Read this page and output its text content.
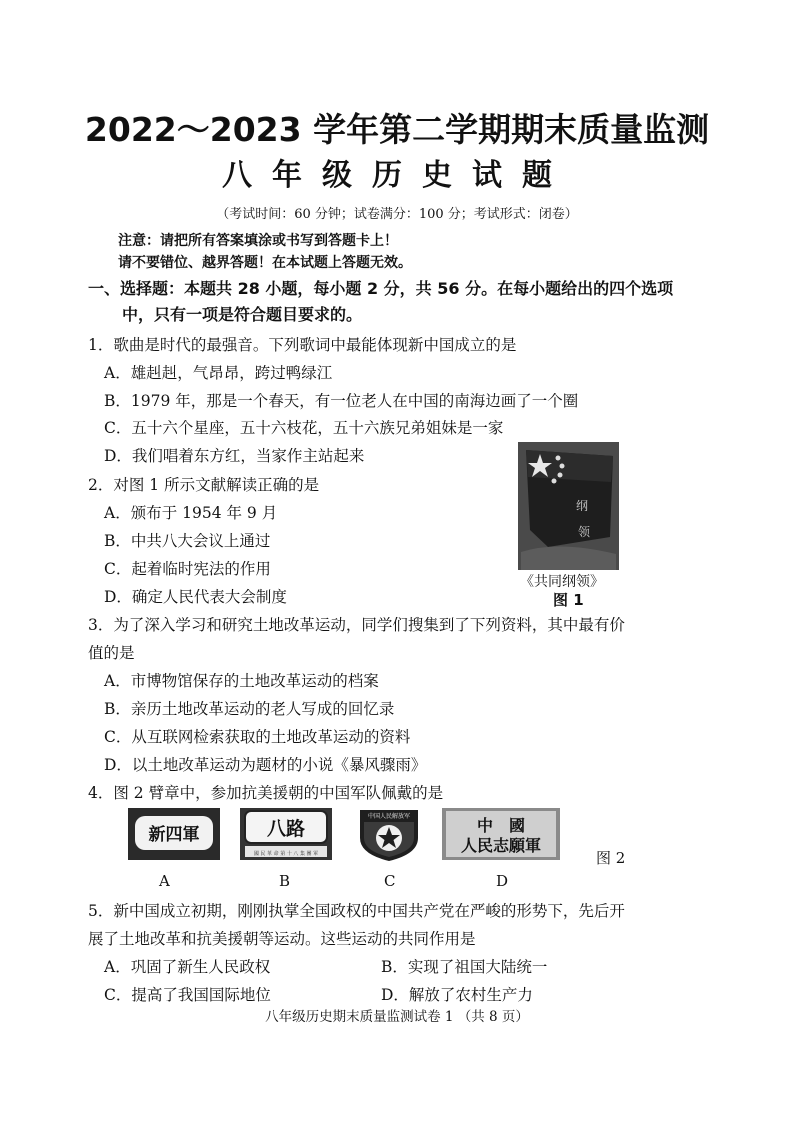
2022～2023 学年第二学期期末质量监测
八年级历史试题
（考试时间：60 分钟；试卷满分：100 分；考试形式：闭卷）
注意：请把所有答案填涂或书写到答题卡上！
请不要错位、越界答题！在本试题上答题无效。
一、选择题：本题共 28 小题，每小题 2 分，共 56 分。在每小题给出的四个选项
中，只有一项是符合题目要求的。
1．歌曲是时代的最强音。下列歌词中最能体现新中国成立的是
A．雄赳赳，气昂昂，跨过鸭绿江
B．1979 年，那是一个春天，有一位老人在中国的南海边画了一个圈
C．五十六个星座，五十六枝花，五十六族兄弟姐妹是一家
D．我们唱着东方红，当家作主站起来
2．对图 1 所示文献解读正确的是
A．颁布于 1954 年 9 月
B．中共八大会议上通过
C．起着临时宪法的作用
D．确定人民代表大会制度
纲
领
《共同纲领》
图 1
3．为了深入学习和研究土地改革运动，同学们搜集到了下列资料，其中最有价
值的是
A．市博物馆保存的土地改革运动的档案
B．亲历土地改革运动的老人写成的回忆录
C．从互联网检索获取的土地改革运动的资料
D．以土地改革运动为题材的小说《暴风骤雨》
4．图 2 臂章中，参加抗美援朝的中国军队佩戴的是
新四軍	八路
國 民 革 命 第 十 八 集 團 軍
中国人民解放军	中　國
人民志願軍
图 2
A	B	C	D
5．新中国成立初期，刚刚执掌全国政权的中国共产党在严峻的形势下，先后开
展了土地改革和抗美援朝等运动。这些运动的共同作用是
A．巩固了新生人民政权	B．实现了祖国大陆统一
C．提高了我国国际地位	D．解放了农村生产力
八年级历史期末质量监测试卷 1 （共 8 页）
